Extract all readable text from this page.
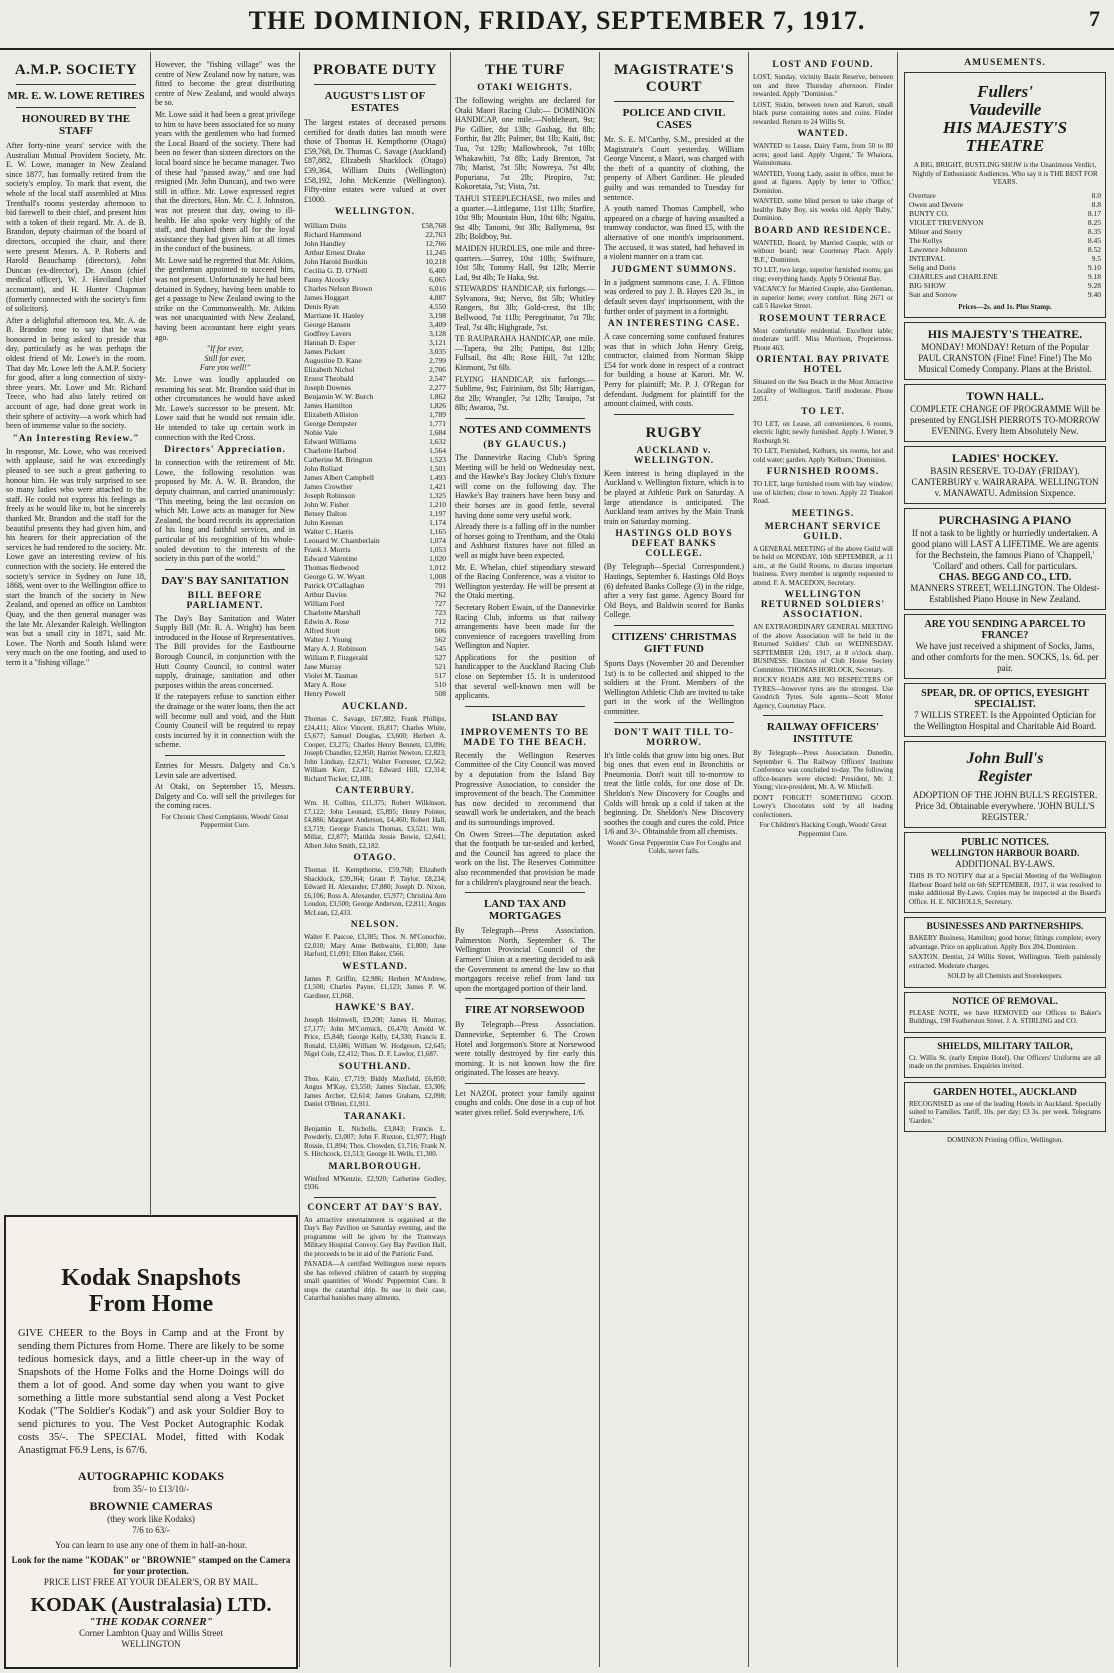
THE DOMINION, FRIDAY, SEPTEMBER 7, 1917.	7
A.M.P. SOCIETY
MR. E. W. LOWE RETIRES
HONOURED BY THE STAFF
After forty-nine years' service with the Australian Mutual Provident Society, Mr. E. W. Lowe, manager in New Zealand since 1877, has formally retired from the society's employ. To mark that event, the whole of the local staff assembled at Miss Trenthall's rooms yesterday afternoon to bid farewell to their chief, and present him with a token of their regard. Mr. A. de B. Brandon, deputy chairman of the board of directors, occupied the chair, and there were present Messrs. A. P. Roberts and Harold Beauchamp (directors), John Duncan (ex-director), Dr. Anson (chief medical officer), W. J. Haviland (chief accountant), and H. Hunter Chapman (formerly connected with the society's firm of solicitors).
After a delightful afternoon tea, Mr. A. de B. Brandon rose to say that he was honoured in being asked to preside that day, particularly as he was perhaps the oldest friend of Mr. Lowe's in the room. That day Mr. Lowe left the A.M.P. Society for good, after a long connection of sixty-three years. Mr. Lowe and Mr. Richard Teece, who had also lately retired on account of age, had done great work in their sphere of activity—a work which had been of immense value to the society.
"An Interesting Review."
In response, Mr. Lowe, who was received with applause, said he was exceedingly pleased to see such a great gathering to honour him. He was truly surprised to see so many ladies who were attached to the staff. He could not express his feelings as freely as he would like to, but he sincerely thanked Mr. Brandon and the staff for the beautiful presents they had given him, and his hearers for their appreciation of the services he had rendered to the society. Mr. Lowe gave an interesting review of his connection with the society. He entered the society's service in Sydney on June 18, 1868, went over to the Wellington office to start the branch of the society in New Zealand, and opened an office on Lambton Quay, and the then general manager was the late Mr. Alexander Raleigh. Wellington was but a small city in 1871, said Mr. Lowe. The North and South Island were very much on the one footing, and used to term it a "fishing village."
However, the "fishing village" was the centre of New Zealand now by nature, was fitted to become the great distributing centre of New Zealand, and would always be so.
Mr. Lowe said it had been a great privilege to him to have been associated for so many years with the gentlemen who had formed the Local Board of the society. There had been no fewer than sixteen directors on the local board since he became manager. Two of these had "passed away," and one had resigned (Mr. John Duncan), and two were still in office. Mr. Lowe expressed regret that the directors, Hon. Mr. C. J. Johnston, was not present that day, owing to ill-health. He also spoke very highly of the staff, and thanked them all for the loyal assistance they had given him at all times in the conduct of the business.
Mr. Lowe said he regretted that Mr. Atkins, the gentleman appointed to succeed him, was not present. Unfortunately he had been detained in Sydney, having been unable to get a passage to New Zealand owing to the strike on the Commonwealth. Mr. Atkins was not unacquainted with New Zealand, having been accountant here eight years ago.
"If for ever,
Still for ever,
Fare you well!"
Mr. Lowe was loudly applauded on resuming his seat. Mr. Brandon said that in other circumstances he would have asked Mr. Lowe's successor to be present. Mr. Lowe said that he would not remain idle. He intended to take up certain work in connection with the Red Cross.
Directors' Appreciation.
In connection with the retirement of Mr. Lowe, the following resolution was proposed by Mr. A. W. B. Brandon, the deputy chairman, and carried unanimously: "This meeting, being the last occasion on which Mr. Lowe acts as manager for New Zealand, the board records its appreciation of his long and faithful services, and in particular of his recognition of his whole-souled devotion to the interests of the society in this part of the world."
DAY'S BAY SANITATION
BILL BEFORE PARLIAMENT.
The Day's Bay Sanitation and Water Supply Bill (Mr. R. A. Wright) has been introduced in the House of Representatives. The Bill provides for the Eastbourne Borough Council, in conjunction with the Hutt County Council, to control water supply, drainage, sanitation and other purposes within the areas concerned.
If the ratepayers refuse to sanction either the drainage or the water loans, then the act will become null and void, and the Hutt County Council will be required to repay costs incurred by it in connection with the scheme.
Entries for Messrs. Dalgety and Co.'s Levin sale are advertised.
At Otaki, on September 15, Messrs. Dalgety and Co. will sell the privileges for the coming races.
For Chronic Chest Complaints, Woods' Great Peppermint Cure.
Kodak Snapshots
From Home
GIVE CHEER to the Boys in Camp and at the Front by sending them Pictures from Home. There are likely to be some tedious homesick days, and a little cheer-up in the way of Snapshots of the Home Folks and the Home Doings will do them a lot of good. And some day when you want to give something a little more substantial send along a Vest Pocket Kodak ("The Soldier's Kodak") and ask your Soldier Boy to send pictures to you. The Vest Pocket Autographic Kodak costs 35/-. The SPECIAL Model, fitted with Kodak Anastigmat F6.9 Lens, is 67/6.
AUTOGRAPHIC KODAKS
from 35/- to £13/10/-
BROWNIE CAMERAS
(they work like Kodaks)
7/6 to 63/-
You can learn to use any one of them in half-an-hour.
Look for the name "KODAK" or "BROWNIE" stamped on the Camera for your protection.
PRICE LIST FREE AT YOUR DEALER'S, OR BY MAIL.
KODAK (Australasia) LTD.
"THE KODAK CORNER"
Corner Lambton Quay and Willis Street
WELLINGTON
PROBATE DUTY
AUGUST'S LIST OF ESTATES
The largest estates of deceased persons certified for death duties last month were those of Thomas H. Kempthorne (Otago) £59,768, Dr. Thomas C. Savage (Auckland) £87,882, Elizabeth Shacklock (Otago) £39,364, William Duits (Wellington) £58,192, John McKenzie (Wellington). Fifty-nine estates were valued at over £1000.
WELLINGTON.
William Duits	£58,768
Richard Hammond	22,763
John Handley	12,766
Arthur Ernest Drake	11,245
John Harold Burdkin	10,218
Cecilia G. D. O'Neill	6,400
Fanny Alcocky	6,065
Charles Nelson Brown	6,016
James Hoggart	4,887
Denis Ryan	4,550
Marriane H. Hanley	3,198
George Hansen	3,409
Godfrey Lavers	3,128
Hannah D. Esper	3,121
James Pickett	3,035
Augustine D. Kane	2,799
Elizabeth Nichol	2,706
Ernest Theobald	2,547
Joseph Downes	2,277
Benjamin W. W. Burch	1,862
James Hamilton	1,826
Elizabeth Alliston	1,789
George Dempster	1,771
Nobie Vale	1,684
Edward Williams	1,632
Charlotte Harbod	1,564
Catherine M. Brington	1,523
John Rollard	1,501
James Albert Campbell	1,493
James Crowther	1,421
Joseph Robinson	1,325
John W. Fisher	1,210
Betsey Dalton	1,197
John Keenan	1,174
Walter C. Harris	1,165
Leonard W. Chamberlain	1,074
Frank J. Morris	1,053
Edward Valentine	1,020
Thomas Redwood	1,012
George G. W. Wyatt	1,008
Patrick O'Callaghan	791
Arthur Davies	762
William Ford	727
Charlotte Marshall	723
Edwin A. Rose	712
Alfred Stott	606
Walter J. Young	562
Mary A. J. Robinson	545
William P. Fitzgerald	527
Jane Murray	521
Violet M. Tasman	517
Mary A. Rose	510
Henry Powell	508
AUCKLAND.
Thomas C. Savage, £67,882; Frank Phillips, £24,411; Alice Vincent, £6,817; Charles White, £5,677; Samuel Douglas, £3,600; Herbert A. Cooper, £3,275; Charles Henry Bennett, £3,096; Joseph Chandler, £2,950; Harriet Newton, £2,823; John Lindsay, £2,671; Walter Forrester, £2,562; William Kerr, £2,471; Edward Hill, £2,314; Richard Tucker, £2,108.
CANTERBURY.
Wm. H. Collins, £11,375; Robert Wilkinson, £7,122; John Leonard, £5,895; Henry Pointer, £4,886; Margaret Anderson, £4,460; Robert Hall, £3,719; George Francis Thomas, £3,521; Wm. Millar, £2,877; Matilda Jessie Bowie, £2,641; Albert John Smith, £2,182.
OTAGO.
Thomas H. Kempthorne, £59,768; Elizabeth Shacklock, £39,364; Grant P. Taylor, £8,234; Edward H. Alexander, £7,880; Joseph D. Nixon, £6,106; Ross A. Alexander, £5,977; Christina Ann Loudon, £3,500; George Anderson, £2,811; Angus McLean, £2,433.
NELSON.
Walter F. Pascoe, £3,385; Thos. N. M'Conochie, £2,010; Mary Anne Bethwaite, £1,800; Jane Harford, £1,091; Ellen Baker, £566.
WESTLAND.
James P. Griffin, £2,986; Herbert M'Andrew, £1,500; Charles Payne, £1,123; James P. W. Gardiner, £1,068.
HAWKE'S BAY.
Joseph Holmwell, £9,200; James H. Murray, £7,177; John M'Cormick, £6,470; Arnold W. Price, £5,848; George Kelly, £4,330; Francis E. Ronald, £3,686; William W. Hodgeson, £2,645; Nigel Cole, £2,412; Thos. D. F. Lawlor, £1,687.
SOUTHLAND.
Thos. Kain, £7,719; Biddy Maxfield, £6,850; Angus M'Kay, £3,550; James Sinclair, £3,306; James Archer, £2,614; James Graham, £2,098; Daniel O'Brien, £1,911.
TARANAKI.
Benjamin E. Nicholls, £3,843; Francis L. Powderly, £3,007; John F. Ruxton, £1,977; Hugh Rossie, £1,894; Thos. Chowden, £1,716; Frank N. S. Hitchcock, £1,513; George H. Wells, £1,300.
MARLBOROUGH.
Winifred M'Kenzie, £2,920; Catherine Godley, £936.
CONCERT AT DAY'S BAY.
An attractive entertainment is organised at the Day's Bay Pavilion on Saturday evening, and the programme will be given by the Tramways Military Hospital Convoy. Gey Bay Pavilion Hall, the proceeds to be in aid of the Patriotic Fund.
PANADA—A certified Wellington nurse reports she has relieved children of catarrh by stopping small quantities of Woods' Peppermint Cure. It stops the catarrhal drip. Its use in their case, Catarrhal banishes many ailments.
THE TURF
OTAKI WEIGHTS.
The following weights are declared for Otaki Maori Racing Club:— DOMINION HANDICAP, one mile.—Nobleheart, 9st; Pie Gillier, 8st 13lb; Gasbag, 8st 8lb; Forthir, 8st 2lb; Palmer, 8st 1lb; Kaiti, 8st; Tua, 7st 12lb; Mallowbrook, 7st 10lb; Whakawhiti, 7st 8lb; Lady Brenton, 7st 7lb; Marist, 7st 5lb; Nowreya, 7st 4lb; Popuriana, 7st 2lb; Piropiro, 7st; Kokoretaia, 7st; Vista, 7st.
TAHUI STEEPLECHASE, two miles and a quarter.—Littlegame, 11st 11lb; Starfire, 10st 9lb; Mountain Hun, 10st 6lb; Ngaitu, 9st 4lb; Tanomi, 9st 3lb; Ballymena, 9st 2lb; Boldboy, 9st.
MAIDEN HURDLES, one mile and three-quarters.—Surrey, 10st 10lb; Swiftsure, 10st 5lb; Tommy Hall, 9st 12lb; Merrie Lad, 9st 4lb; Te Haka, 9st.
STEWARDS' HANDICAP, six furlongs.—Sylvanora, 9st; Nervo, 8st 5lb; Whitley Rangers, 8st 3lb; Gold-crest, 8st 1lb; Bellwood, 7st 11lb; Peregrinator, 7st 7lb; Teal, 7st 4lb; Highgrade, 7st.
TE RAUPARAHA HANDICAP, one mile.—Tapera, 9st 2lb; Pattipu, 8st 12lb; Fullsail, 8st 4lb; Rose Hill, 7st 12lb; Kinmont, 7st 6lb.
FLYING HANDICAP, six furlongs.—Sublime, 9st; Fairinium, 8st 5lb; Harrigan, 8st 2lb; Wrangler, 7st 12lb; Taraipo, 7st 8lb; Awaroa, 7st.
NOTES AND COMMENTS
(BY GLAUCUS.)
The Dannevirke Racing Club's Spring Meeting will be held on Wednesday next, and the Hawke's Bay Jockey Club's fixture will come on the following day. The Hawke's Bay trainers have been busy and their horses are in good fettle, several having done some very useful work.
Already there is a falling off in the number of horses going to Trentham, and the Otaki and Ashhurst fixtures have not filled as well as might have been expected.
Mr. E. Whelan, chief stipendiary steward of the Racing Conference, was a visitor to Wellington yesterday. He will be present at the Otaki meeting.
Secretary Robert Ewain, of the Dannevirke Racing Club, informs us that railway arrangements have been made for the convenience of racegoers travelling from Wellington and Napier.
Applications for the position of handicapper to the Auckland Racing Club close on September 15. It is understood that several well-known men will be applicants.
ISLAND BAY
IMPROVEMENTS TO BE MADE TO THE BEACH.
Recently the Wellington Reserves Committee of the City Council was moved by a deputation from the Island Bay Progressive Association, to consider the improvement of the beach. The Committee has now decided to recommend that seawall work be undertaken, and the beach and its surroundings improved.
On Owen Street—The deputation asked that the footpath be tar-sealed and kerbed, and the Council has agreed to place the work on the list. The Reserves Committee also recommended that provision be made for a children's playground near the beach.
LAND TAX AND MORTGAGES
By Telegraph—Press Association. Palmerston North, September 6. The Wellington Provincial Council of the Farmers' Union at a meeting decided to ask the Government to amend the law so that mortgagors receive relief from land tax upon the mortgaged portion of their land.
FIRE AT NORSEWOOD
By Telegraph—Press Association. Dannevirke, September 6. The Crown Hotel and Jorgenson's Store at Norsewood were totally destroyed by fire early this morning. It is not known how the fire originated. The losses are heavy.
Let NAZOL protect your family against coughs and colds. One dose in a cup of hot water gives relief. Sold everywhere, 1/6.
MAGISTRATE'S COURT
POLICE AND CIVIL CASES
Mr. S. E. M'Carthy, S.M., presided at the Magistrate's Court yesterday. William George Vincent, a Maori, was charged with the theft of a quantity of clothing, the property of Albert Gardiner. He pleaded guilty and was remanded to Tuesday for sentence.
A youth named Thomas Campbell, who appeared on a charge of having assaulted a tramway conductor, was fined £5, with the alternative of one month's imprisonment. The accused, it was stated, had behaved in a violent manner on a tram car.
JUDGMENT SUMMONS.
In a judgment summons case, J. A. Flitton was ordered to pay J. B. Hayes £20 3s., in default seven days' imprisonment, with the further order of payment in a fortnight.
AN INTERESTING CASE.
A case concerning some confused features was that in which John Henry Greig, contractor, claimed from Norman Skipp £54 for work done in respect of a contract for building a house at Karori. Mr. W. Perry for plaintiff; Mr. P. J. O'Regan for defendant. Judgment for plaintiff for the amount claimed, with costs.
RUGBY
AUCKLAND v. WELLINGTON.
Keen interest is being displayed in the Auckland v. Wellington fixture, which is to be played at Athletic Park on Saturday. A large attendance is anticipated. The Auckland team arrives by the Main Trunk train on Saturday morning.
HASTINGS OLD BOYS DEFEAT BANKS COLLEGE.
(By Telegraph—Special Correspondent.) Hastings, September 6. Hastings Old Boys (6) defeated Banks College (3) in the ridge, after a very fast game. Agency Board for Old Boys, and Baldwin scored for Banks College.
CITIZENS' CHRISTMAS GIFT FUND
Sports Days (November 20 and December 1st) is to be collected and shipped to the soldiers at the Front. Members of the Wellington Athletic Club are invited to take part in the work of the Wellington committee.
DON'T WAIT TILL TO-MORROW.
It's little colds that grow into big ones. But big ones that even end in Bronchitis or Pneumonia. Don't wait till to-morrow to treat the little colds, for one dose of Dr. Sheldon's New Discovery for Coughs and Colds will break up a cold if taken at the beginning. Dr. Sheldon's New Discovery soothes the cough and cures the cold. Price 1/6 and 3/-. Obtainable from all chemists.
Woods' Great Peppermint Cure For Coughs and Colds, never fails.
LOST AND FOUND.
LOST, Sunday, vicinity Basin Reserve, between ten and three Thursday afternoon. Finder rewarded. Apply "Dominion."
LOST, Siskin, between town and Karori, small black purse containing notes and coins. Finder rewarded. Return to 24 Willis St.
WANTED.
WANTED to Lease, Dairy Farm, from 50 to 80 acres; good land. Apply 'Urgent,' Te Whaiora, Wainuiomata.
WANTED, Young Lady, assist in office, must be good at figures. Apply by letter to 'Office,' Dominion.
WANTED, some blind person to take charge of healthy Baby Boy, six weeks old. Apply 'Baby,' Dominion.
BOARD AND RESIDENCE.
WANTED, Board, by Married Couple, with or without board; near Courtenay Place. Apply 'B.F.,' Dominion.
TO LET, two large, superior furnished rooms; gas ring; everything handy. Apply 9 Oriental Bay.
VACANCY for Married Couple, also Gentleman, in superior home; every comfort. Ring 2671 or call 5 Hawker Street.
ROSEMOUNT TERRACE
Most comfortable residential. Excellent table; moderate tariff. Miss Morrison, Proprietress. Phone 463.
ORIENTAL BAY PRIVATE HOTEL
Situated on the Sea Beach in the Most Attractive Locality of Wellington. Tariff moderate. Phone 2851.
TO LET.
TO LET, on Lease, all conveniences, 6 rooms, electric light; newly furnished. Apply J. Winter, 9 Roxburgh St.
TO LET, Furnished, Kelburn, six rooms, hot and cold water; garden. Apply 'Kelburn,' Dominion.
FURNISHED ROOMS.
TO LET, large furnished room with bay window; use of kitchen; close to town. Apply 22 Tinakori Road.
MEETINGS.
MERCHANT SERVICE GUILD.
A GENERAL MEETING of the above Guild will be held on MONDAY, 10th SEPTEMBER, at 11 a.m., at the Guild Rooms, to discuss important business. Every member is urgently requested to attend. F. A. MACEDON, Secretary.
WELLINGTON RETURNED SOLDIERS' ASSOCIATION.
AN EXTRAORDINARY GENERAL MEETING of the above Association will be held in the Returned Soldiers' Club on WEDNESDAY, SEPTEMBER 12th, 1917, at 8 o'clock sharp. BUSINESS: Election of Club House Society Committee. THOMAS HORLOCK, Secretary.
ROCKY ROADS ARE NO RESPECTERS OF TYRES—however tyres are the strongest. Use Goodrich Tyres. Sole agents—Scott Motor Agency, Courtenay Place.
RAILWAY OFFICERS' INSTITUTE
By Telegraph—Press Association. Dunedin, September 6. The Railway Officers' Institute Conference was concluded to-day. The following office-bearers were elected: President, Mr. J. Young; vice-president, Mr. A. W. Mitchell.
DON'T FORGET! SOMETHING GOOD. Lowry's Chocolates sold by all leading confectioners.
For Children's Hacking Cough, Woods' Great Peppermint Cure.
AMUSEMENTS.
Fullers'
Vaudeville
HIS MAJESTY'S
THEATRE
A BIG, BRIGHT, BUSTLING SHOW is the Unanimous Verdict, Nightly of Enthusiastic Audiences. Who say it is THE BEST FOR YEARS.
Overture	8.0
Owen and Devere	8.8
BUNTY CO.	8.17
VIOLET TREVENYON	8.25
Milner and Sterry	8.35
The Kellys	8.45
Lawrence Johnston	8.52
INTERVAL	9.5
Selig and Doris	9.10
CHARLES and CHARLENE	9.18
BIG SHOW	9.28
Sun and Sorrow	9.40
Prices—2s. and 1s. Plus Stamp.
HIS MAJESTY'S THEATRE.
MONDAY! MONDAY! Return of the Popular PAUL CRANSTON (Fine! Fine! Fine!) The Mo Musical Comedy Company. Plans at the Bristol.
TOWN HALL.
COMPLETE CHANGE OF PROGRAMME Will be presented by ENGLISH PIERROTS TO-MORROW EVENING. Every Item Absolutely New.
LADIES' HOCKEY.
BASIN RESERVE. TO-DAY (FRIDAY). CANTERBURY v. WAIRARAPA. WELLINGTON v. MANAWATU. Admission Sixpence.
PURCHASING A PIANO
If not a task to be lightly or hurriedly undertaken. A good piano will LAST A LIFETIME. We are agents for the Bechstein, the famous Piano of 'Chappell,' 'Collard' and others. Call for particulars.
CHAS. BEGG AND CO., LTD.
MANNERS STREET, WELLINGTON. The Oldest-Established Piano House in New Zealand.
ARE YOU SENDING A PARCEL TO FRANCE?
We have just received a shipment of Socks, Jams, and other comforts for the men. SOCKS, 1s. 6d. per pair.
SPEAR, DR. OF OPTICS, EYESIGHT SPECIALIST.
7 WILLIS STREET. Is the Appointed Optician for the Wellington Hospital and Charitable Aid Board.
John Bull's
Register
ADOPTION OF THE JOHN BULL'S REGISTER. Price 3d. Obtainable everywhere. 'JOHN BULL'S REGISTER.'
PUBLIC NOTICES.
WELLINGTON HARBOUR BOARD.
ADDITIONAL BY-LAWS.
THIS IS TO NOTIFY that at a Special Meeting of the Wellington Harbour Board held on 6th SEPTEMBER, 1917, it was resolved to make additional By-Laws. Copies may be inspected at the Board's Office. H. E. NICHOLLS, Secretary.
BUSINESSES AND PARTNERSHIPS.
BAKERY Business, Hamilton; good horse; fittings complete; every advantage. Price on application. Apply Box 204, Dominion.
SAXTON. Dentist, 24 Willis Street, Wellington. Teeth painlessly extracted. Moderate charges.
SOLD by all Chemists and Storekeepers.
NOTICE OF REMOVAL.
PLEASE NOTE, we have REMOVED our Offices to Baker's Buildings, 190 Featherston Street. J. A. STIRLING and CO.
SHIELDS, MILITARY TAILOR,
Cr. Willis St. (early Empire Hotel). Our Officers' Uniforms are all made on the premises. Enquiries invited.
GARDEN HOTEL, AUCKLAND
RECOGNISED as one of the leading Hotels in Auckland. Specially suited to Families. Tariff, 10s. per day; £3 3s. per week. Telegrams 'Garden.'
DOMINION Printing Office, Wellington.
